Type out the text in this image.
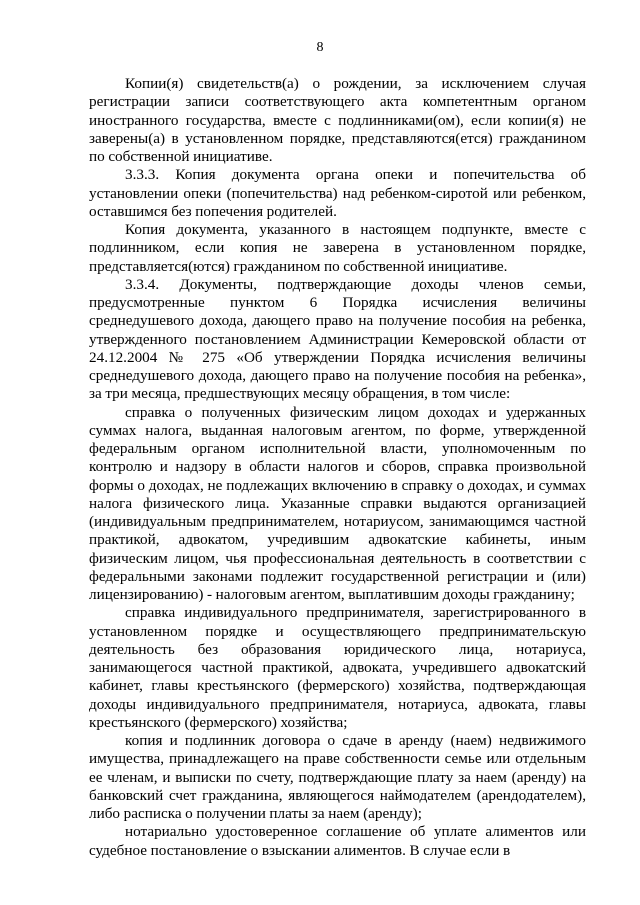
8

Копии(я) свидетельств(а) о рождении, за исключением случая регистрации записи соответствующего акта компетентным органом иностранного государства, вместе с подлинниками(ом), если копии(я) не заверены(а) в установленном порядке, представляются(ется) гражданином по собственной инициативе.

3.3.3. Копия документа органа опеки и попечительства об установлении опеки (попечительства) над ребенком-сиротой или ребенком, оставшимся без попечения родителей.

Копия документа, указанного в настоящем подпункте, вместе с подлинником, если копия не заверена в установленном порядке, представляется(ются) гражданином по собственной инициативе.

3.3.4. Документы, подтверждающие доходы членов семьи, предусмотренные пунктом 6 Порядка исчисления величины среднедушевого дохода, дающего право на получение пособия на ребенка, утвержденного постановлением Администрации Кемеровской области от 24.12.2004 № 275 «Об утверждении Порядка исчисления величины среднедушевого дохода, дающего право на получение пособия на ребенка», за три месяца, предшествующих месяцу обращения, в том числе:

справка о полученных физическим лицом доходах и удержанных суммах налога, выданная налоговым агентом, по форме, утвержденной федеральным органом исполнительной власти, уполномоченным по контролю и надзору в области налогов и сборов, справка произвольной формы о доходах, не подлежащих включению в справку о доходах, и суммах налога физического лица. Указанные справки выдаются организацией (индивидуальным предпринимателем, нотариусом, занимающимся частной практикой, адвокатом, учредившим адвокатские кабинеты, иным физическим лицом, чья профессиональная деятельность в соответствии с федеральными законами подлежит государственной регистрации и (или) лицензированию) - налоговым агентом, выплатившим доходы гражданину;

справка индивидуального предпринимателя, зарегистрированного в установленном порядке и осуществляющего предпринимательскую деятельность без образования юридического лица, нотариуса, занимающегося частной практикой, адвоката, учредившего адвокатский кабинет, главы крестьянского (фермерского) хозяйства, подтверждающая доходы индивидуального предпринимателя, нотариуса, адвоката, главы крестьянского (фермерского) хозяйства;

копия и подлинник договора о сдаче в аренду (наем) недвижимого имущества, принадлежащего на праве собственности семье или отдельным ее членам, и выписки по счету, подтверждающие плату за наем (аренду) на банковский счет гражданина, являющегося наймодателем (арендодателем), либо расписка о получении платы за наем (аренду);

нотариально удостоверенное соглашение об уплате алиментов или судебное постановление о взыскании алиментов. В случае если в
